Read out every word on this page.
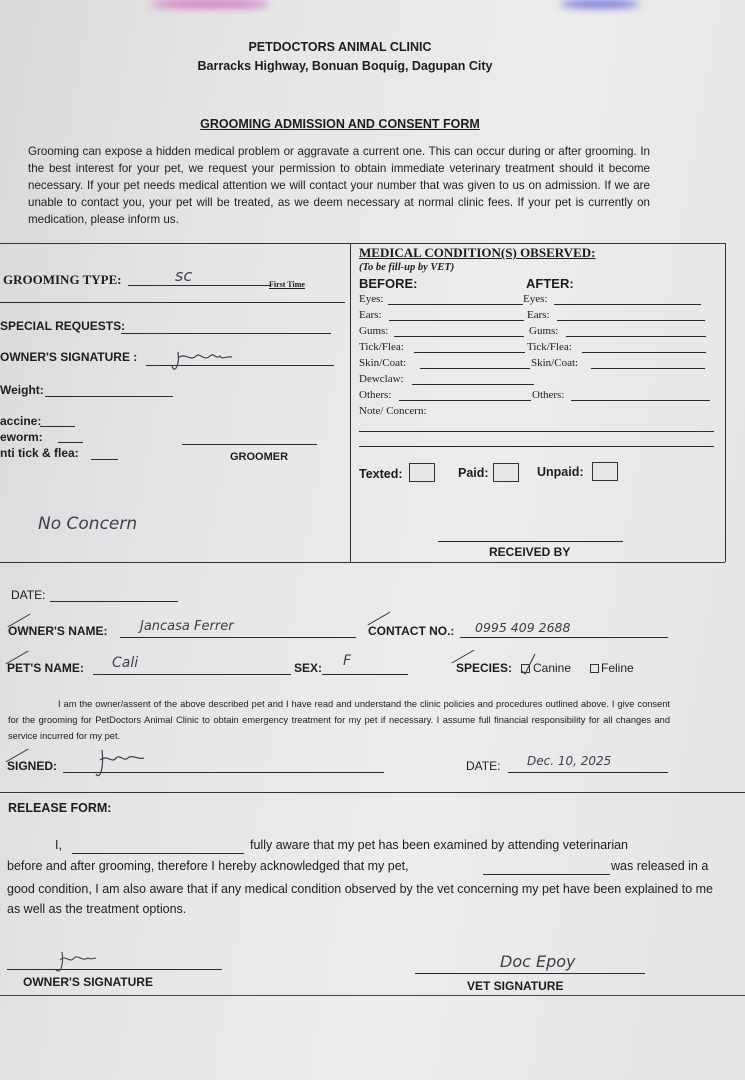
PETDOCTORS ANIMAL CLINIC
Barracks Highway, Bonuan Boquig, Dagupan City
GROOMING ADMISSION AND CONSENT FORM
Grooming can expose a hidden medical problem or aggravate a current one. This can occur during or after grooming. In the best interest for your pet, we request your permission to obtain immediate veterinary treatment should it become necessary. If your pet needs medical attention we will contact your number that was given to us on admission. If we are unable to contact you, your pet will be treated, as we deem necessary at normal clinic fees. If your pet is currently on medication, please inform us.
GROOMING TYPE:	sc	First Time
SPECIAL REQUESTS:
OWNER'S SIGNATURE :
Weight:
accine:
eworm:
nti tick & flea:	GROOMER
No Concern
MEDICAL CONDITION(S) OBSERVED:
(To be fill-up by VET)
BEFORE:	AFTER:
Eyes:	Eyes:
Ears:	Ears:
Gums:	Gums:
Tick/Flea:	Tick/Flea:
Skin/Coat:	Skin/Coat:
Dewclaw:
Others:	Others:
Note/ Concern:
Texted:	Paid:	Unpaid:
RECEIVED BY
DATE:
OWNER'S NAME: Jancasa Ferrer	CONTACT NO.: 0995 409 2688
PET'S NAME: Cali	SEX: F	SPECIES: Canine Feline
I am the owner/assent of the above described pet and I have read and understand the clinic policies and procedures outlined above. I give consent for the grooming for PetDoctors Animal Clinic to obtain emergency treatment for my pet if necessary. I assume full financial responsibility for all changes and service incurred for my pet.
SIGNED:	DATE: Dec. 10, 2025
RELEASE FORM:
I,	fully aware that my pet has been examined by attending veterinarian
before and after grooming, therefore I hereby acknowledged that my pet,	was released in a
good condition, I am also aware that if any medical condition observed by the vet concerning my pet have been explained to me as well as the treatment options.
OWNER'S SIGNATURE
Doc Epoy
VET SIGNATURE
